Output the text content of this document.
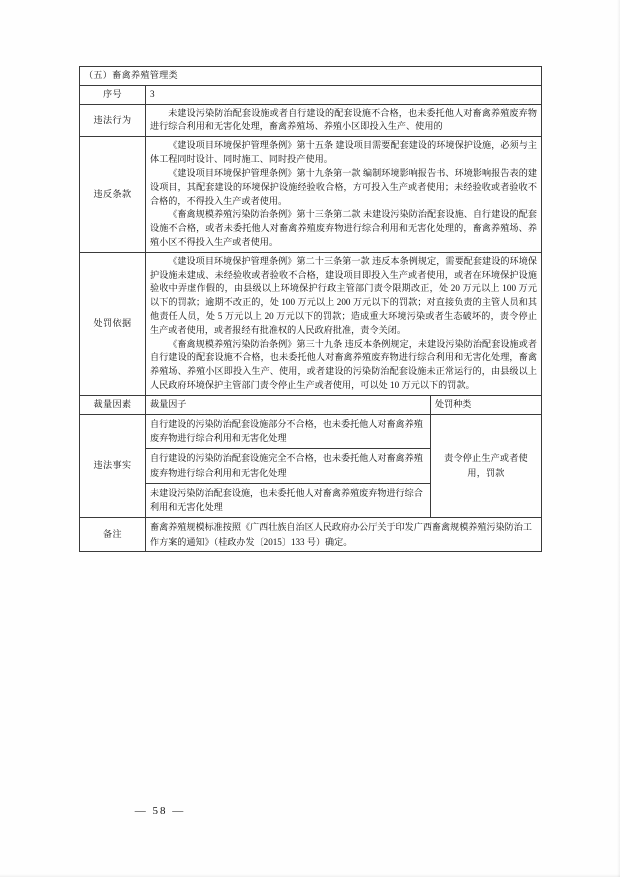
（五）畜禽养殖管理类		
序号	3	
违法行为	未建设污染防治配套设施或者自行建设的配套设施不合格，也未委托他人对畜禽养殖废弃物进行综合利用和无害化处理，畜禽养殖场、养殖小区即投入生产、使用的	

违反条款	《建设项目环境保护管理条例》第十五条 建设项目需要配套建设的环境保护设施，必须与主体工程同时设计、同时施工、同时投产使用。

《建设项目环境保护管理条例》第十九条第一款 编制环境影响报告书、环境影响报告表的建设项目，其配套建设的环境保护设施经验收合格，方可投入生产或者使用；未经验收或者验收不合格的，不得投入生产或者使用。

《畜禽规模养殖污染防治条例》第十三条第二款 未建设污染防治配套设施、自行建设的配套设施不合格，或者未委托他人对畜禽养殖废弃物进行综合利用和无害化处理的，畜禽养殖场、养殖小区不得投入生产或者使用。	

处罚依据	《建设项目环境保护管理条例》第二十三条第一款 违反本条例规定，需要配套建设的环境保护设施未建成、未经验收或者验收不合格，建设项目即投入生产或者使用，或者在环境保护设施验收中弄虚作假的，由县级以上环境保护行政主管部门责令限期改正，处 20 万元以上 100 万元以下的罚款；逾期不改正的，处 100 万元以上 200 万元以下的罚款；对直接负责的主管人员和其他责任人员，处 5 万元以上 20 万元以下的罚款；造成重大环境污染或者生态破坏的，责令停止生产或者使用，或者报经有批准权的人民政府批准，责令关闭。

《畜禽规模养殖污染防治条例》第三十九条 违反本条例规定，未建设污染防治配套设施或者自行建设的配套设施不合格，也未委托他人对畜禽养殖废弃物进行综合利用和无害化处理，畜禽养殖场、养殖小区即投入生产、使用，或者建设的污染防治配套设施未正常运行的，由县级以上人民政府环境保护主管部门责令停止生产或者使用，可以处 10 万元以下的罚款。	

裁量因素	裁量因子	处罚种类
违法事实	自行建设的污染防治配套设施部分不合格，也未委托他人对畜禽养殖废弃物进行综合利用和无害化处理	责令停止生产或者使用，罚款
	自行建设的污染防治配套设施完全不合格，也未委托他人对畜禽养殖废弃物进行综合利用和无害化处理	
	未建设污染防治配套设施，也未委托他人对畜禽养殖废弃物进行综合利用和无害化处理	
备注	畜禽养殖规模标准按照《广西壮族自治区人民政府办公厅关于印发广西畜禽规模养殖污染防治工作方案的通知》（桂政办发〔2015〕133 号）确定。	
— 58 —
